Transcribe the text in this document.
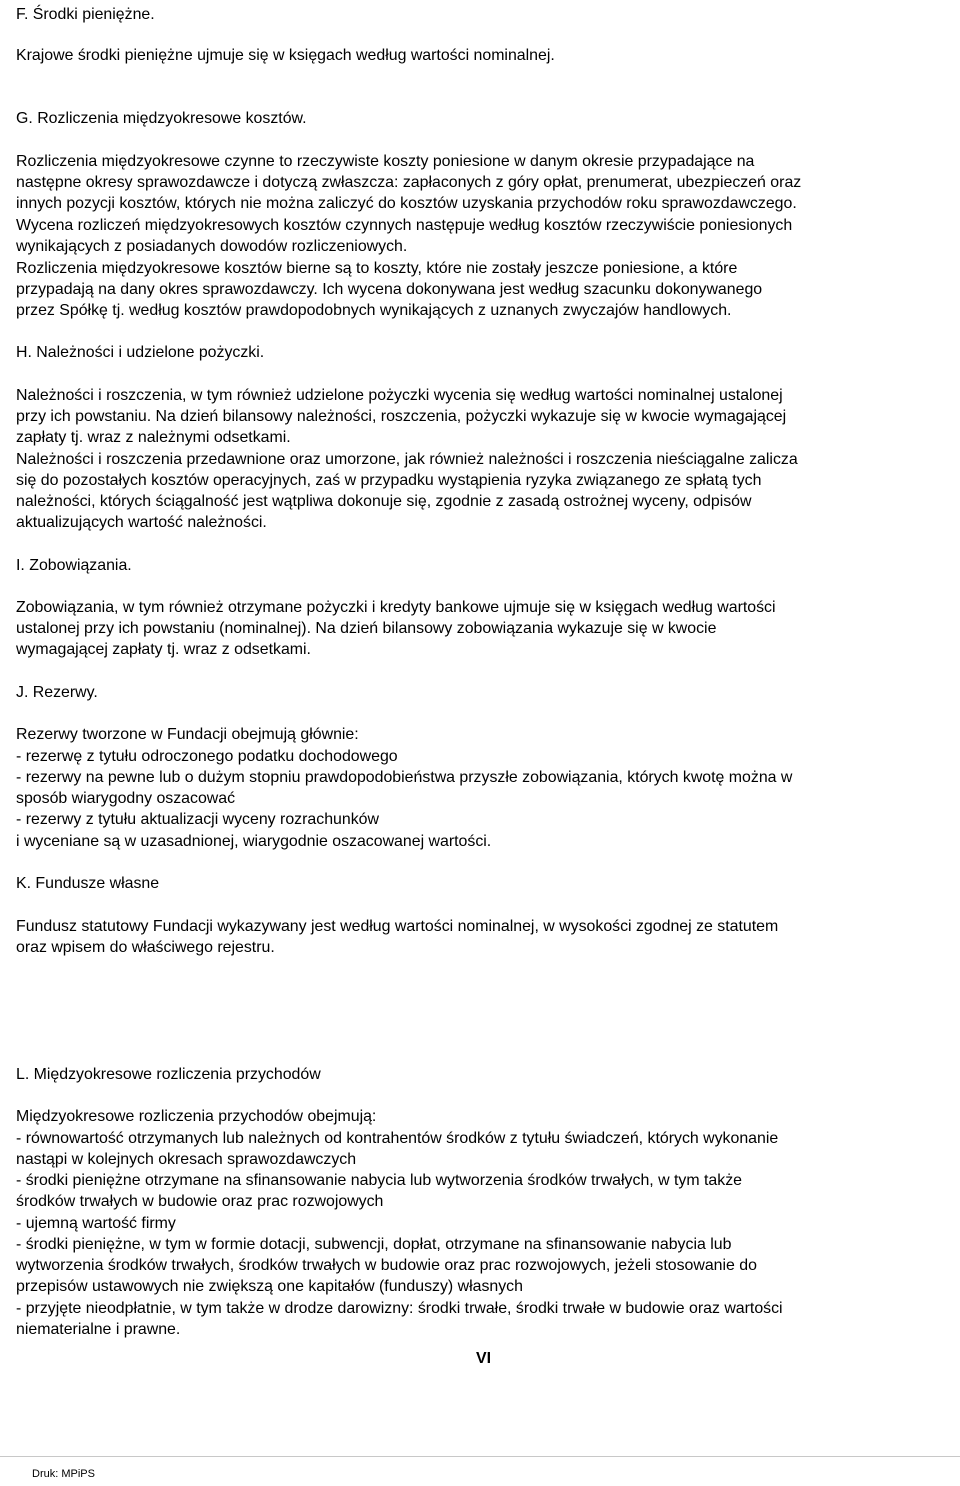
F. Środki pieniężne.
Krajowe środki pieniężne ujmuje się w księgach według wartości nominalnej.
G. Rozliczenia międzyokresowe kosztów.
Rozliczenia międzyokresowe czynne to rzeczywiste koszty poniesione w danym okresie przypadające na
następne okresy sprawozdawcze i dotyczą zwłaszcza: zapłaconych z góry opłat, prenumerat, ubezpieczeń oraz
innych pozycji kosztów, których nie można zaliczyć do kosztów uzyskania przychodów roku sprawozdawczego.
Wycena rozliczeń międzyokresowych kosztów czynnych następuje według kosztów rzeczywiście poniesionych
wynikających z posiadanych dowodów rozliczeniowych.
Rozliczenia międzyokresowe kosztów bierne są to koszty, które nie zostały jeszcze poniesione, a które
przypadają na dany okres sprawozdawczy. Ich wycena dokonywana jest według szacunku dokonywanego
przez Spółkę tj. według kosztów prawdopodobnych wynikających z uznanych zwyczajów handlowych.
H. Należności i udzielone pożyczki.
Należności i roszczenia, w tym również udzielone pożyczki wycenia się według wartości nominalnej ustalonej
przy ich powstaniu. Na dzień bilansowy należności, roszczenia, pożyczki wykazuje się w kwocie wymagającej
zapłaty tj. wraz z należnymi odsetkami.
Należności i roszczenia przedawnione oraz umorzone, jak również należności i roszczenia nieściągalne zalicza
się do pozostałych kosztów operacyjnych, zaś w przypadku wystąpienia ryzyka związanego ze spłatą tych
należności, których ściągalność jest wątpliwa dokonuje się, zgodnie z zasadą ostrożnej wyceny, odpisów
aktualizujących wartość należności.
I. Zobowiązania.
Zobowiązania, w tym również otrzymane pożyczki i kredyty bankowe ujmuje się w księgach według wartości
ustalonej przy ich powstaniu (nominalnej). Na dzień bilansowy zobowiązania wykazuje się w kwocie
wymagającej zapłaty tj. wraz z odsetkami.
J. Rezerwy.
Rezerwy tworzone w Fundacji obejmują głównie:
- rezerwę z tytułu odroczonego podatku dochodowego
- rezerwy na pewne lub o dużym stopniu prawdopodobieństwa przyszłe zobowiązania, których kwotę można w
sposób wiarygodny oszacować
- rezerwy z tytułu aktualizacji wyceny rozrachunków
i wyceniane są w uzasadnionej, wiarygodnie oszacowanej wartości.
K. Fundusze własne
Fundusz statutowy Fundacji wykazywany jest według wartości nominalnej, w wysokości zgodnej ze statutem
oraz wpisem do właściwego rejestru.
L. Międzyokresowe rozliczenia przychodów
Międzyokresowe rozliczenia przychodów obejmują:
- równowartość otrzymanych lub należnych od kontrahentów środków z tytułu świadczeń, których wykonanie
nastąpi w kolejnych okresach sprawozdawczych
- środki pieniężne otrzymane na sfinansowanie nabycia lub wytworzenia środków trwałych, w tym także
środków trwałych w budowie oraz prac rozwojowych
- ujemną wartość firmy
- środki pieniężne, w tym w formie dotacji, subwencji, dopłat, otrzymane na sfinansowanie nabycia lub
wytworzenia środków trwałych, środków trwałych w budowie oraz prac rozwojowych, jeżeli stosowanie do
przepisów ustawowych nie zwiększą one kapitałów (funduszy) własnych
- przyjęte nieodpłatnie, w tym także w drodze darowizny: środki trwałe, środki trwałe w budowie oraz wartości
niematerialne i prawne.
VI
Druk: MPiPS
